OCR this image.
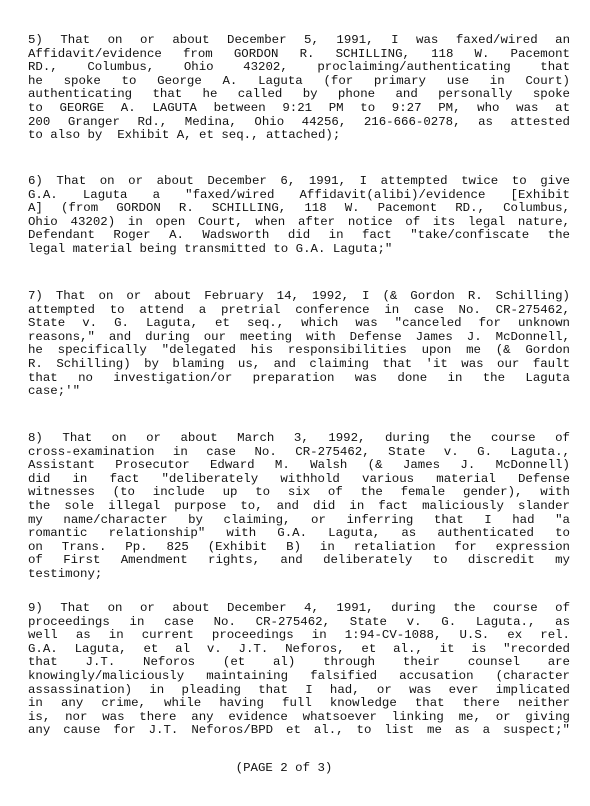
5) That on or about December 5, 1991, I was faxed/wired an
Affidavit/evidence from GORDON R. SCHILLING, 118 W. Pacemont
RD., Columbus, Ohio 43202, proclaiming/authenticating that
he spoke to George A. Laguta (for primary use in Court)
authenticating that he called by phone and personally spoke
to GEORGE A. LAGUTA between 9:21 PM to 9:27 PM, who was at
200 Granger Rd., Medina, Ohio 44256, 216-666-0278, as attested
to also by  Exhibit A, et seq., attached);
6) That on or about December 6, 1991, I attempted twice to give
G.A. Laguta a "faxed/wired Affidavit(alibi)/evidence [Exhibit
A] (from GORDON R. SCHILLING, 118 W. Pacemont RD., Columbus,
Ohio 43202) in open Court, when after notice of its legal nature,
Defendant Roger A. Wadsworth did in fact "take/confiscate the
legal material being transmitted to G.A. Laguta;"
7) That on or about February 14, 1992, I (& Gordon R. Schilling)
attempted to attend a pretrial conference in case No. CR-275462,
State v. G. Laguta, et seq., which was "canceled for unknown
reasons," and during our meeting with Defense James J. McDonnell,
he specifically "delegated his responsibilities upon me (& Gordon
R. Schilling) by blaming us, and claiming that 'it was our fault
that no investigation/or preparation was done in the Laguta
case;'"
8) That on or about March 3, 1992, during the course of
cross-examination in case No. CR-275462, State v. G. Laguta.,
Assistant Prosecutor Edward M. Walsh (& James J. McDonnell)
did in fact "deliberately withhold various material Defense
witnesses (to include up to six of the female gender), with
the sole illegal purpose to, and did in fact maliciously slander
my name/character by claiming, or inferring that I had "a
romantic relationship" with G.A. Laguta, as authenticated to
on Trans. Pp. 825 (Exhibit B) in retaliation for expression
of First Amendment rights, and deliberately to discredit my
testimony;
9) That on or about December 4, 1991, during the course of
proceedings in case No. CR-275462, State v. G. Laguta., as
well as in current proceedings in 1:94-CV-1088, U.S. ex rel.
G.A. Laguta, et al v. J.T. Neforos, et al., it is "recorded
that J.T. Neforos (et al) through their counsel are
knowingly/maliciously maintaining falsified accusation (character
assassination) in pleading that I had, or was ever implicated
in any crime, while having full knowledge that there neither
is, nor was there any evidence whatsoever linking me, or giving
any cause for J.T. Neforos/BPD et al., to list me as a suspect;"
(PAGE 2 of 3)
